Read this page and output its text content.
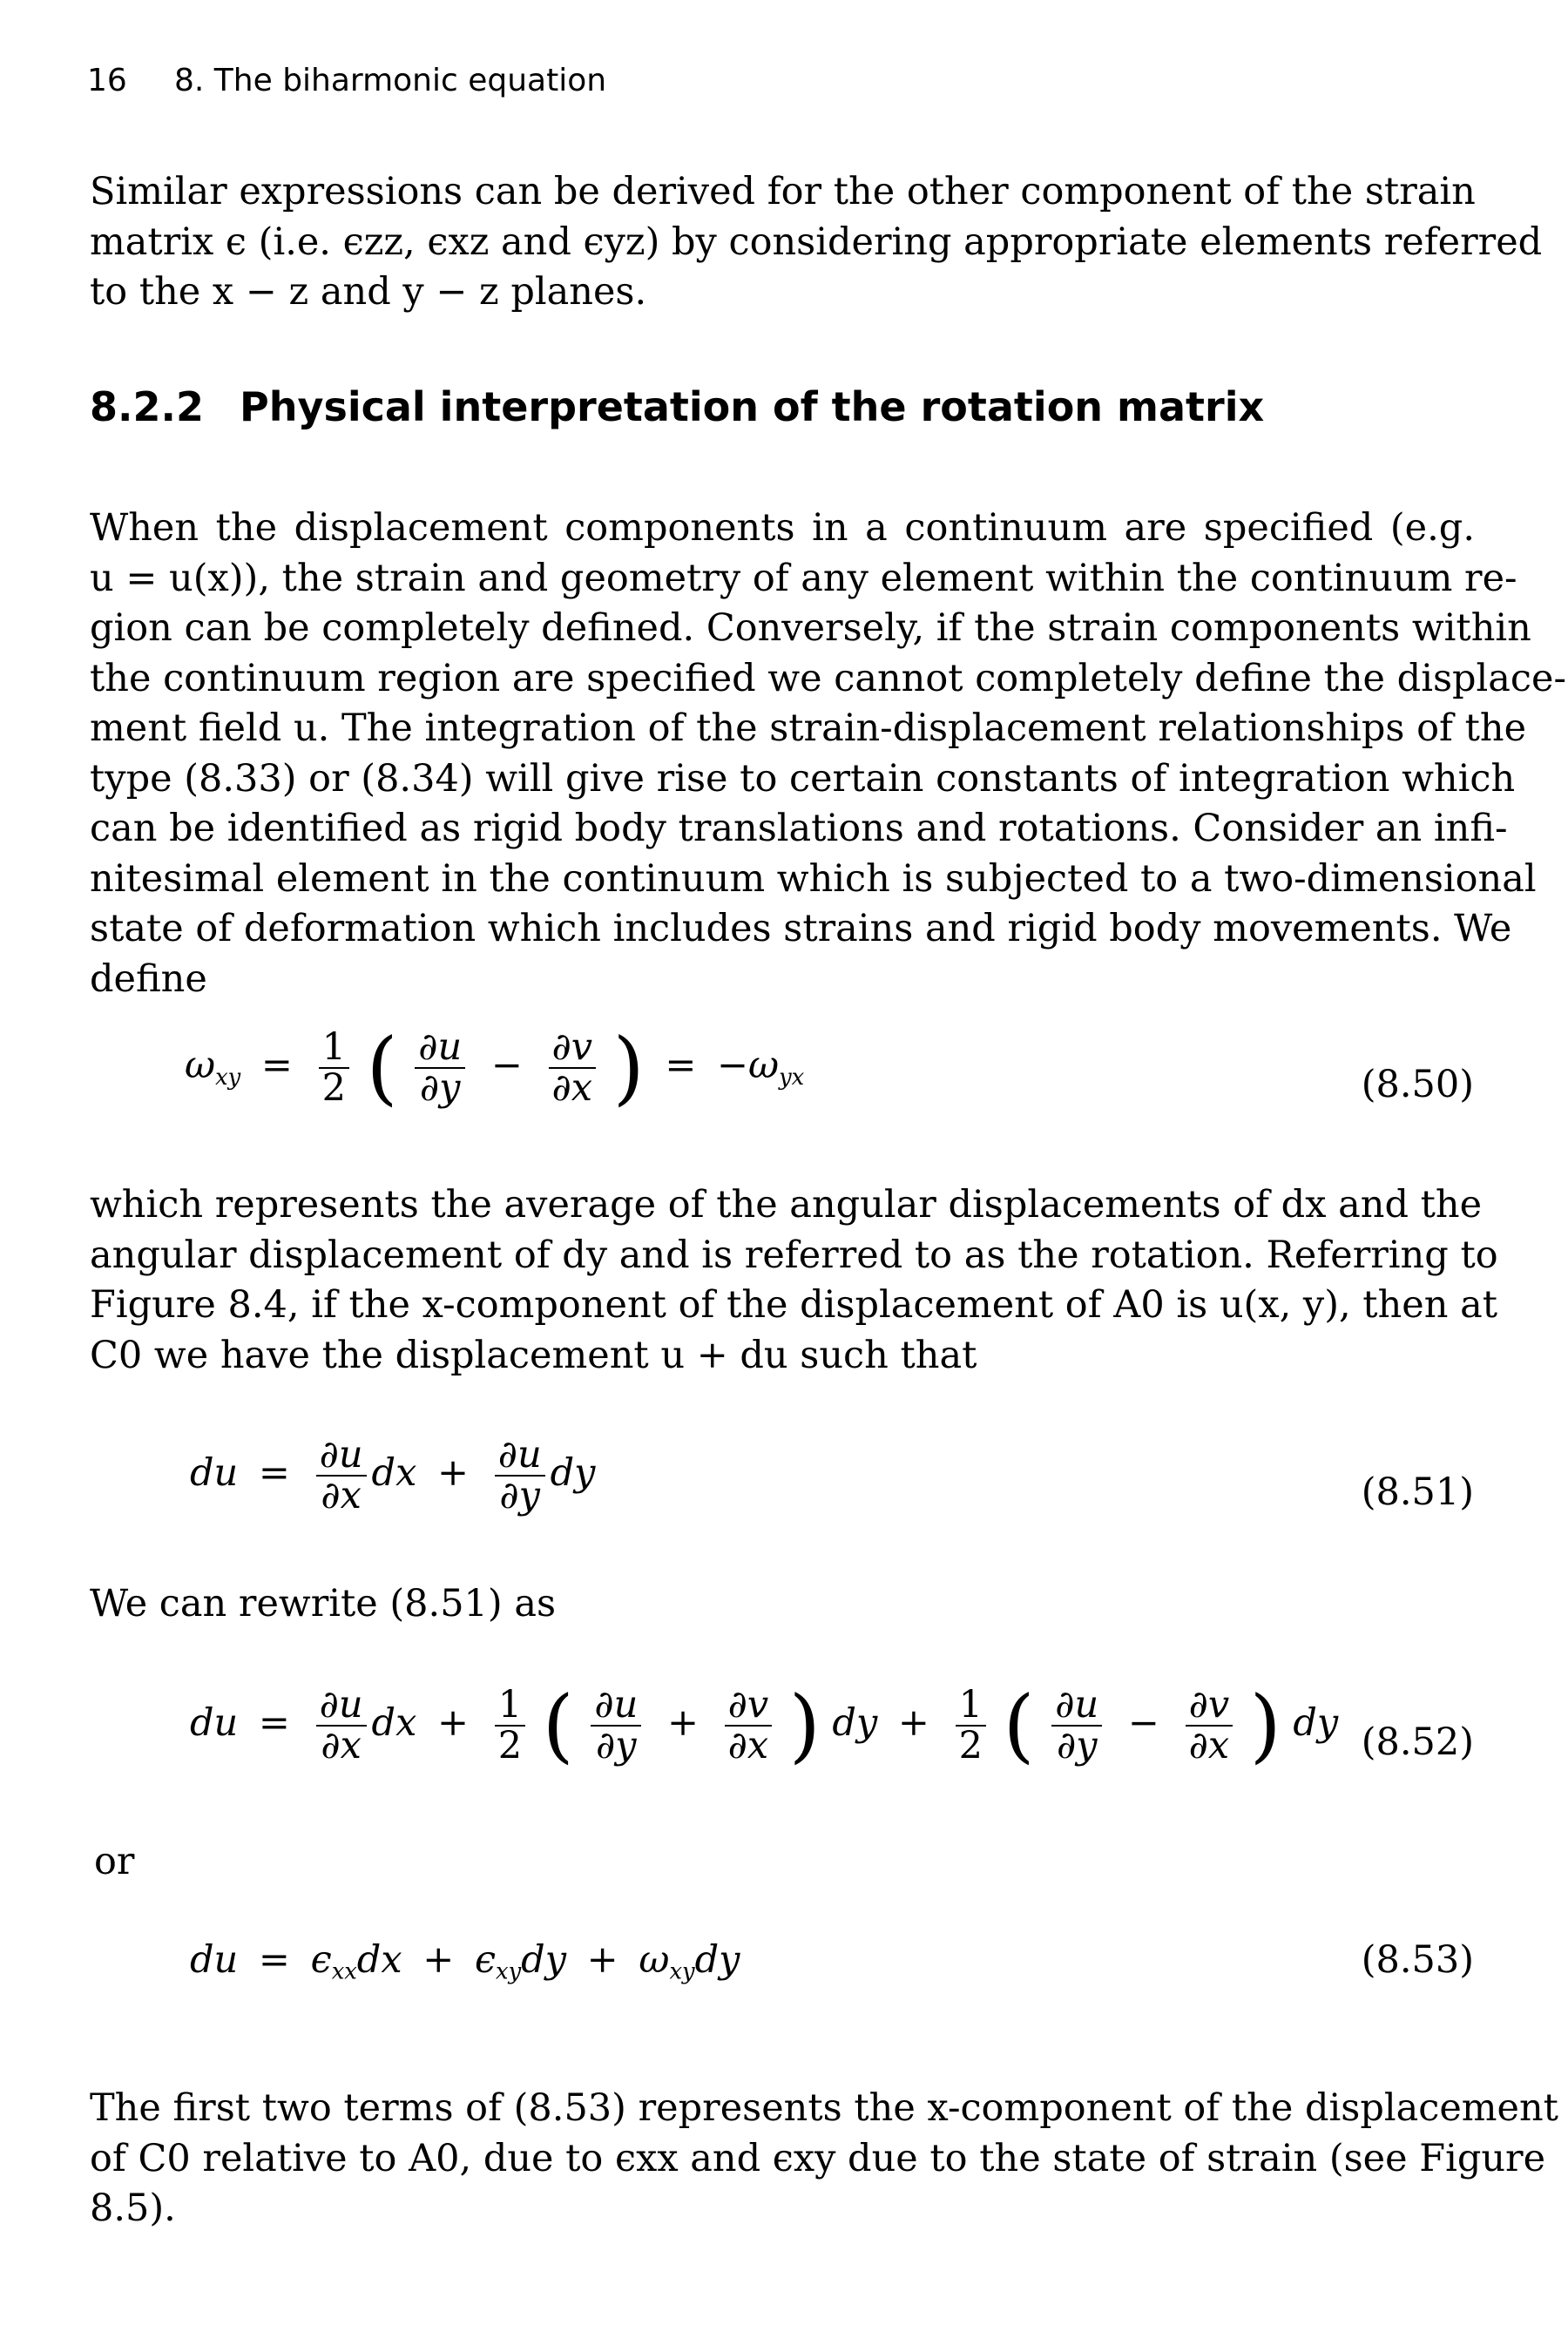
16 8. The biharmonic equation

Similar expressions can be derived for the other component of the strain
matrix ϵ (i.e. ϵzz, ϵxz and ϵyz) by considering appropriate elements referred
to the x − z and y − z planes.

8.2.2 Physical interpretation of the rotation matrix

When the displacement components in a continuum are specified (e.g.
u = u(x)), the strain and geometry of any element within the continuum re-
gion can be completely defined. Conversely, if the strain components within
the continuum region are specified we cannot completely define the displace-
ment field u. The integration of the strain-displacement relationships of the
type (8.33) or (8.34) will give rise to certain constants of integration which
can be identified as rigid body translations and rotations. Consider an infi-
nitesimal element in the continuum which is subjected to a two-dimensional
state of deformation which includes strains and rigid body movements. We
define

$\omega_{xy} = \frac{1}{2}$ ( $\frac{\partial u}{\partial y} - \frac{\partial v}{\partial x}$ ) = $-\omega_{yx}$	(8.50)

which represents the average of the angular displacements of dx and the
angular displacement of dy and is referred to as the rotation. Referring to
Figure 8.4, if the x-component of the displacement of A0 is u(x, y), then at
C0 we have the displacement u + du such that

du = $\frac{\partial u}{\partial x}$ dx + $\frac{\partial u}{\partial y}$ dy	(8.51)
We can rewrite (8.51) as
du = $\frac{\partial u}{\partial x}$ dx + $\frac{1}{2}$ ( $\frac{\partial u}{\partial y} + \frac{\partial v}{\partial x}$ ) dy + $\frac{1}{2}$ ( $\frac{\partial u}{\partial y} - \frac{\partial v}{\partial x}$ ) dy (8.52)
or
du = $\epsilon_{xx}dx + \epsilon_{xy}dy + \omega_{xy}dy$	(8.53)

The first two terms of (8.53) represents the x-component of the displacement
of C0 relative to A0, due to ϵxx and ϵxy due to the state of strain (see Figure
8.5).
